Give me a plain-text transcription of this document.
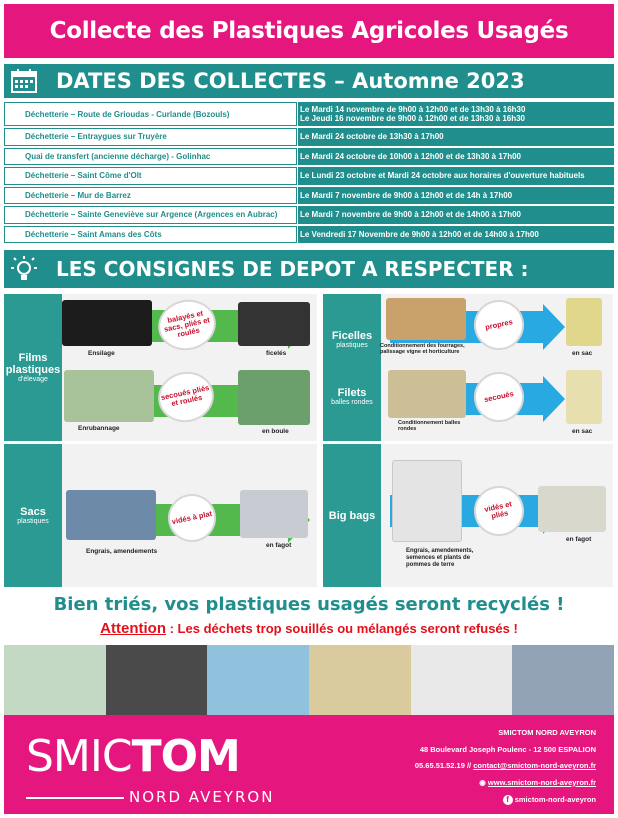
Collecte des Plastiques Agricoles Usagés
DATES DES COLLECTES – Automne 2023
Déchetterie – Route de Grioudas - Curlande (Bozouls)	Le Mardi 14 novembre de 9h00 à 12h00 et de 13h30 à 16h30
Le Jeudi 16 novembre de 9h00 à 12h00 et de 13h30 à 16h30
Déchetterie – Entraygues sur Truyère	Le Mardi 24 octobre de 13h30 à 17h00
Quai de transfert (ancienne décharge) - Golinhac	Le Mardi 24 octobre de 10h00 à 12h00 et de 13h30 à 17h00
Déchetterie – Saint Côme d'Olt	Le Lundi 23 octobre et Mardi 24 octobre aux horaires d'ouverture habituels
Déchetterie – Mur de Barrez	Le Mardi 7 novembre de 9h00 à 12h00 et de 14h à 17h00
Déchetterie – Sainte Geneviève sur Argence (Argences en Aubrac)	Le Mardi 7 novembre de 9h00 à 12h00 et de 14h00 à 17h00
Déchetterie – Saint Amans des Côts	Le Vendredi 17 Novembre de 9h00 à 12h00 et de 14h00 à 17h00
LES CONSIGNES DE DEPOT A RESPECTER :
Films
plastiques
d'élevage
Ensilage
balayés et sacs, pliés et roulés
ficelés
Enrubannage
secoués pliés et roulés
en boule
Sacs
plastiques
Engrais, amendements
vidés à plat
en fagot
Ficelles
plastiques
Filets
balles rondes
Conditionnement des fourrages, palissage vigne et horticulture
propres
en sac
Conditionnement balles rondes
secoués
en sac
Big bags
Engrais, amendements, semences et plants de pommes de terre
vidés et pliés
en fagot
Bien triés, vos plastiques usagés seront recyclés !
Attention : Les déchets trop souillés ou mélangés seront refusés !
SMICTOM
NORD AVEYRON
SMICTOM NORD AVEYRON
48 Boulevard Joseph Poulenc - 12 500 ESPALION
05.65.51.52.19 // contact@smictom-nord-aveyron.fr
◉ www.smictom-nord-aveyron.fr
f smictom-nord-aveyron
